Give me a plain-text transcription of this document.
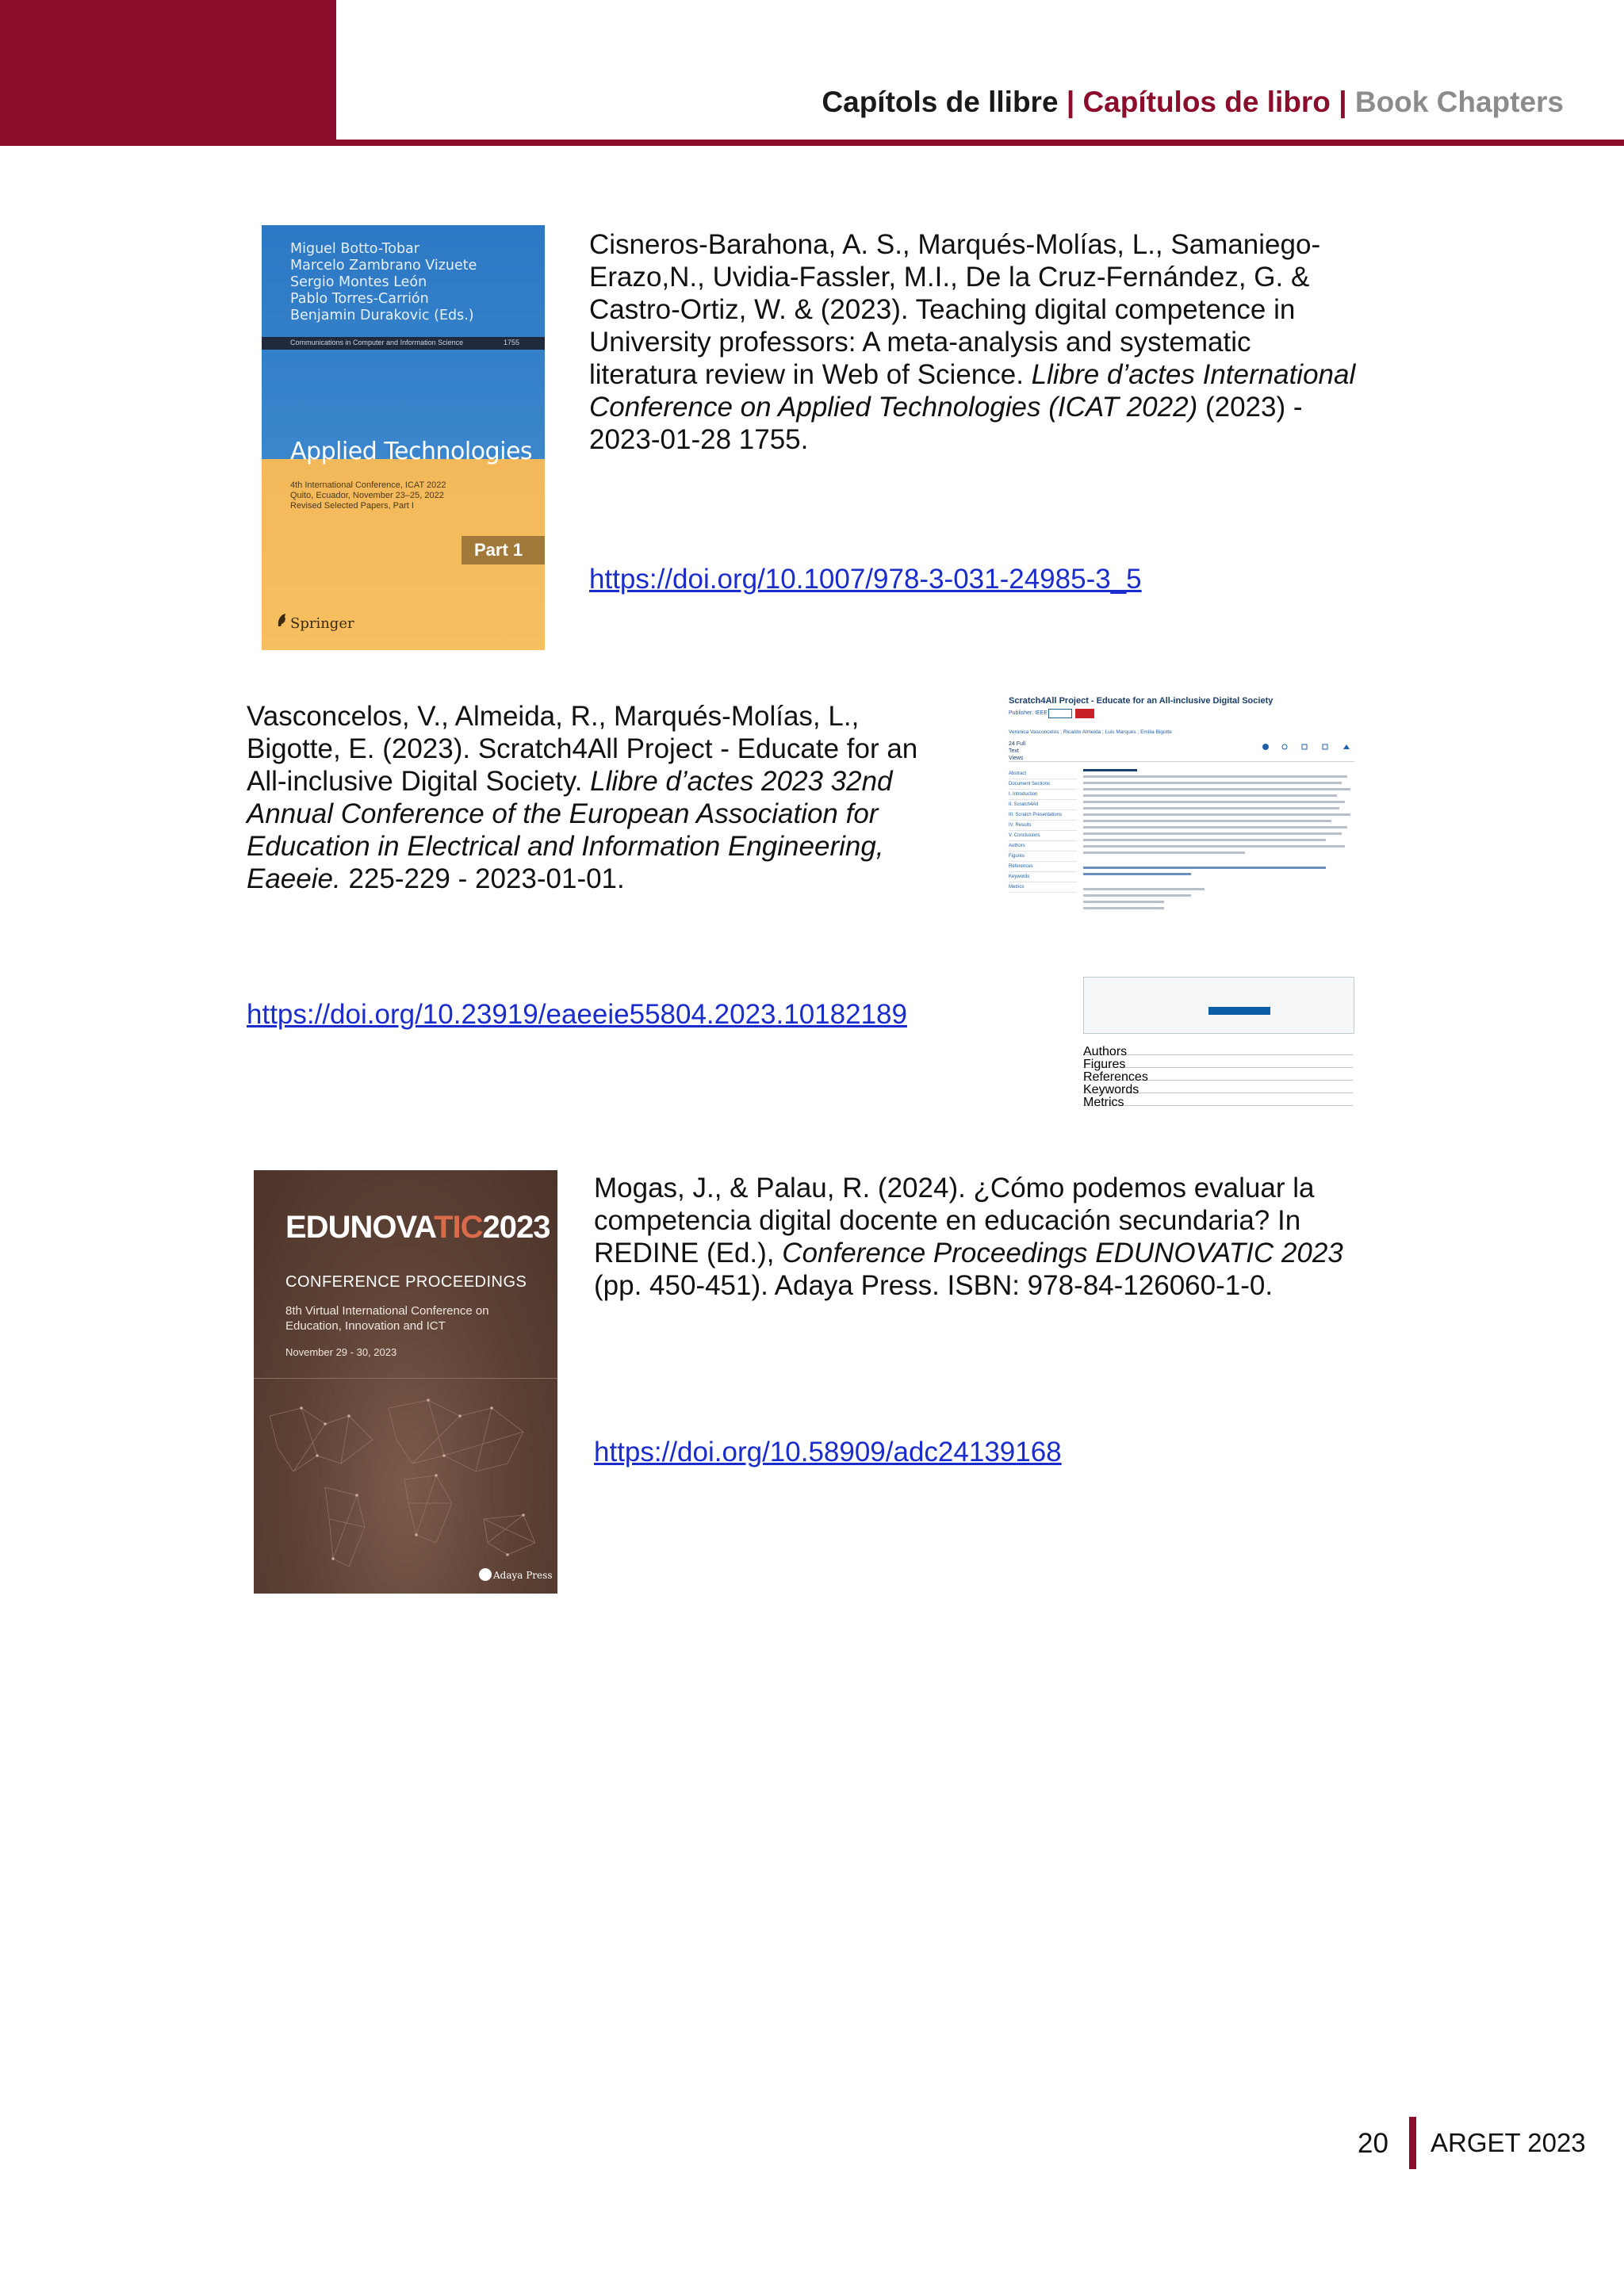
Capítols de llibre | Capítulos de libro | Book Chapters
Miguel Botto-Tobar
Marcelo Zambrano Vizuete
Sergio Montes León
Pablo Torres-Carrión
Benjamin Durakovic (Eds.)
Communications in Computer and Information Science	1755
Applied Technologies
4th International Conference, ICAT 2022
Quito, Ecuador, November 23–25, 2022
Revised Selected Papers, Part I
Part 1
Springer
Cisneros-Barahona, A. S., Marqués-Molías, L., Samaniego-Erazo,N., Uvidia-Fassler, M.I., De la Cruz-Fernández, G. & Castro-Ortiz, W. & (2023). Teaching digital competence in University professors: A meta-analysis and systematic literatura review in Web of Science. Llibre d’actes International Conference on Applied Technologies (ICAT 2022) (2023) - 2023-01-28 1755.
https://doi.org/10.1007/978-3-031-24985-3_5
Vasconcelos, V., Almeida, R., Marqués-Molías, L., Bigotte, E. (2023). Scratch4All Project - Educate for an All-inclusive Digital Society. Llibre d’actes 2023 32nd Annual Conference of the European Association for Education in Electrical and Information Engineering, Eaeeie. 225-229 - 2023-01-01.
https://doi.org/10.23919/eaeeie55804.2023.10182189
Scratch4All Project - Educate for an All-inclusive Digital Society
Publisher: IEEE
Veronica Vasconcelos ; Ricardo Almeida ; Luis Marques ; Emilia Bigotte
24 Full Text Views
Abstract
Document Sections
I. Introduction
II. Scratch4All
III. Scratch Presentations
IV. Results
V. Conclusions
Authors
Figures
References
Keywords
Metrics
Authors
Figures
References
Keywords
Metrics
EDUNOVATIC2023
CONFERENCE PROCEEDINGS
8th Virtual International Conference on Education, Innovation and ICT
November 29 - 30, 2023
Adaya Press
Mogas, J., & Palau, R. (2024). ¿Cómo podemos evaluar la competencia digital docente en educación secundaria? In REDINE (Ed.), Conference Proceedings EDUNOVATIC 2023 (pp. 450-451). Adaya Press. ISBN: 978-84-126060-1-0.
https://doi.org/10.58909/adc24139168
20 ARGET 2023
